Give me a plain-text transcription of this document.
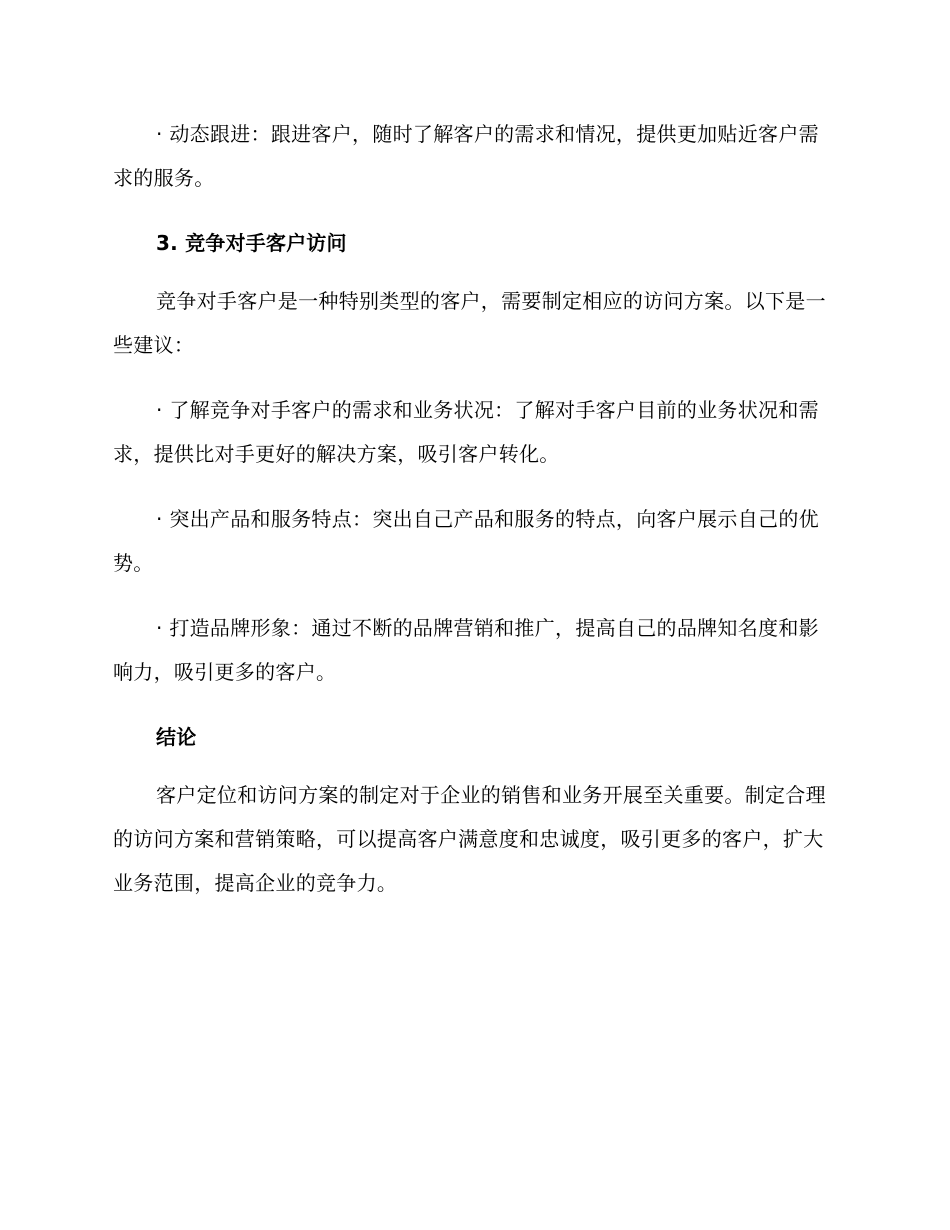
· 动态跟进：跟进客户，随时了解客户的需求和情况，提供更加贴近客户需求的服务。

3. 竞争对手客户访问

竞争对手客户是一种特别类型的客户，需要制定相应的访问方案。以下是一些建议：

· 了解竞争对手客户的需求和业务状况：了解对手客户目前的业务状况和需求，提供比对手更好的解决方案，吸引客户转化。

· 突出产品和服务特点：突出自己产品和服务的特点，向客户展示自己的优势。

· 打造品牌形象：通过不断的品牌营销和推广，提高自己的品牌知名度和影响力，吸引更多的客户。

结论

客户定位和访问方案的制定对于企业的销售和业务开展至关重要。制定合理的访问方案和营销策略，可以提高客户满意度和忠诚度，吸引更多的客户，扩大业务范围，提高企业的竞争力。
